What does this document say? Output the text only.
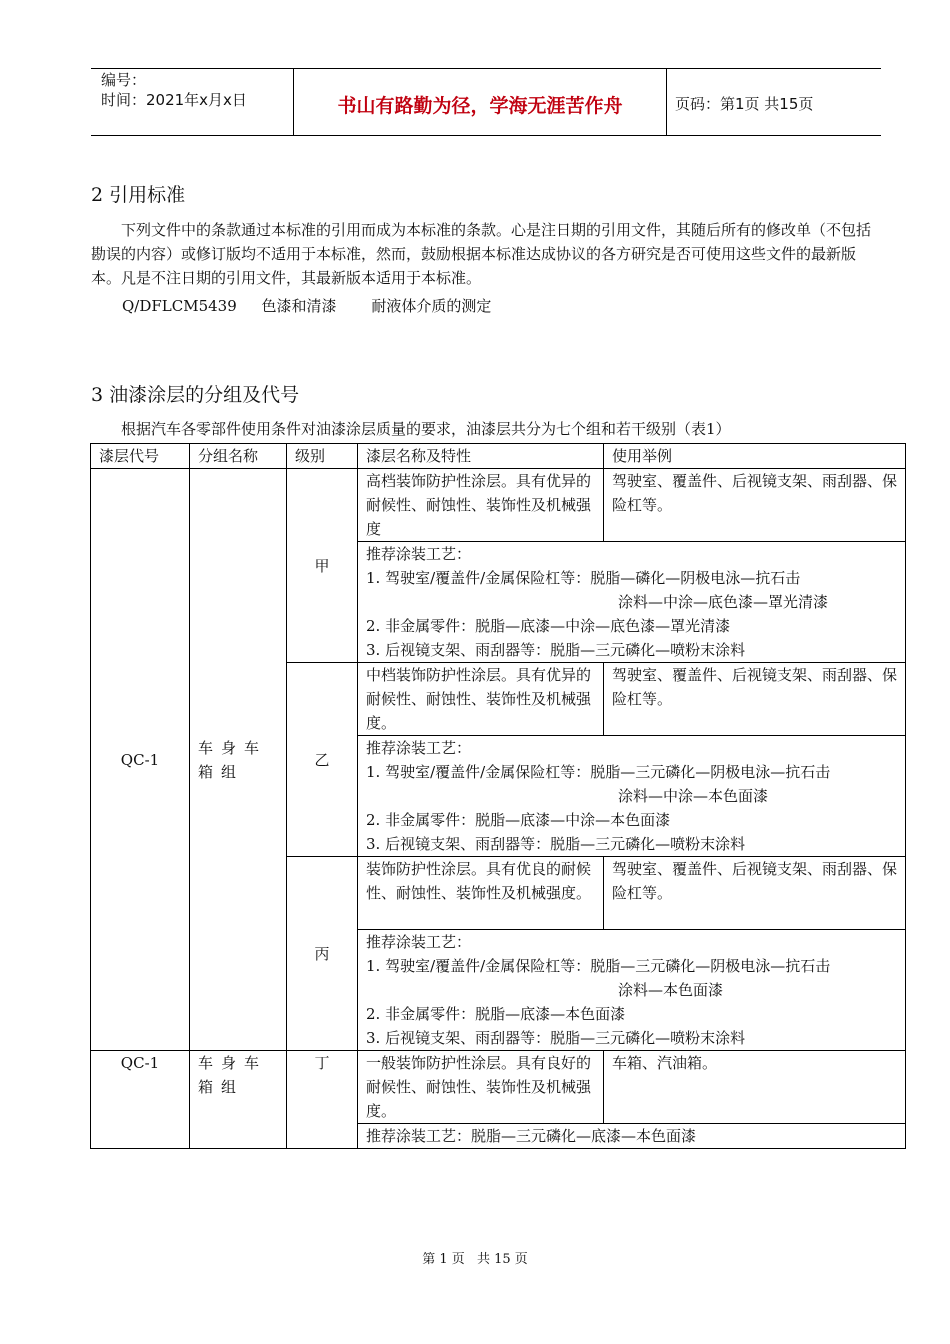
编号：
时间：2021年x月x日	书山有路勤为径，学海无涯苦作舟	页码：第1页 共15页
2 引用标准

下列文件中的条款通过本标准的引用而成为本标准的条款。心是注日期的引用文件，其随后所有的修改单（不包括勘误的内容）或修订版均不适用于本标准，然而，鼓励根据本标准达成协议的各方研究是否可使用这些文件的最新版本。凡是不注日期的引用文件，其最新版本适用于本标准。

Q/DFLCM5439 色漆和清漆 耐液体介质的测定
3 油漆涂层的分组及代号

根据汽车各零部件使用条件对油漆涂层质量的要求，油漆层共分为七个组和若干级别（表1）

漆层代号	分组名称	级别	漆层名称及特性	使用举例
QC-1	车身车箱组	甲	高档装饰防护性涂层。具有优异的耐候性、耐蚀性、装饰性及机械强度	驾驶室、覆盖件、后视镜支架、雨刮器、保险杠等。

			推荐涂装工艺：
1. 驾驶室/覆盖件/金属保险杠等：脱脂—磷化—阴极电泳—抗石击
涂料—中涂—底色漆—罩光清漆
2. 非金属零件：脱脂—底漆—中涂—底色漆—罩光清漆
3. 后视镜支架、雨刮器等：脱脂—三元磷化—喷粉末涂料	

		乙	中档装饰防护性涂层。具有优异的耐候性、耐蚀性、装饰性及机械强度。	驾驶室、覆盖件、后视镜支架、雨刮器、保险杠等。

			推荐涂装工艺：
1. 驾驶室/覆盖件/金属保险杠等：脱脂—三元磷化—阴极电泳—抗石击
涂料—中涂—本色面漆
2. 非金属零件：脱脂—底漆—中涂—本色面漆
3. 后视镜支架、雨刮器等：脱脂—三元磷化—喷粉末涂料	

		丙	装饰防护性涂层。具有优良的耐候性、耐蚀性、装饰性及机械强度。	驾驶室、覆盖件、后视镜支架、雨刮器、保险杠等。

			推荐涂装工艺：
1. 驾驶室/覆盖件/金属保险杠等：脱脂—三元磷化—阴极电泳—抗石击
涂料—本色面漆
2. 非金属零件：脱脂—底漆—本色面漆
3. 后视镜支架、雨刮器等：脱脂—三元磷化—喷粉末涂料	

QC-1	车身车箱组	丁	一般装饰防护性涂层。具有良好的耐候性、耐蚀性、装饰性及机械强度。	车箱、汽油箱。
			推荐涂装工艺：脱脂—三元磷化—底漆—本色面漆	
第 1 页 共 15 页
